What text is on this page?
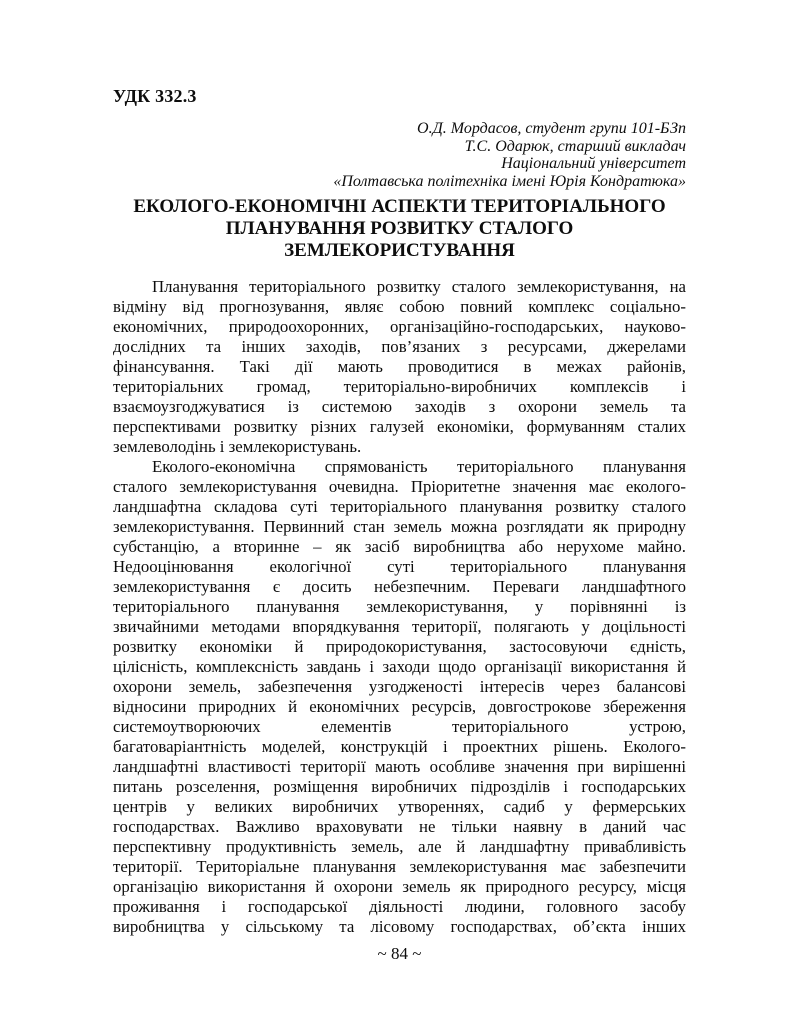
УДК 332.3
О.Д. Мордасов, студент групи 101-БЗп
Т.С. Одарюк, старший викладач
Національний університет
«Полтавська політехніка імені Юрія Кондратюка»
ЕКОЛОГО-ЕКОНОМІЧНІ АСПЕКТИ ТЕРИТОРІАЛЬНОГО
ПЛАНУВАННЯ РОЗВИТКУ СТАЛОГО
ЗЕМЛЕКОРИСТУВАННЯ
Планування територіального розвитку сталого землекористування, на
відміну від прогнозування, являє собою повний комплекс соціально-
економічних, природоохоронних, організаційно-господарських, науково-
дослідних та інших заходів, пов’язаних з ресурсами, джерелами
фінансування. Такі дії мають проводитися в межах районів,
територіальних громад, територіально-виробничих комплексів і
взаємоузгоджуватися із системою заходів з охорони земель та
перспективами розвитку різних галузей економіки, формуванням сталих
землеволодінь і землекористувань.
Еколого-економічна спрямованість територіального планування
сталого землекористування очевидна. Пріоритетне значення має еколого-
ландшафтна складова суті територіального планування розвитку сталого
землекористування. Первинний стан земель можна розглядати як природну
субстанцію, а вторинне – як засіб виробництва або нерухоме майно.
Недооцінювання екологічної суті територіального планування
землекористування є досить небезпечним. Переваги ландшафтного
територіального планування землекористування, у порівнянні із
звичайними методами впорядкування території, полягають у доцільності
розвитку економіки й природокористування, застосовуючи єдність,
цілісність, комплексність завдань і заходи щодо організації використання й
охорони земель, забезпечення узгодженості інтересів через балансові
відносини природних й економічних ресурсів, довгострокове збереження
системоутворюючих елементів територіального устрою,
багатоваріантність моделей, конструкцій і проектних рішень. Еколого-
ландшафтні властивості території мають особливе значення при вирішенні
питань розселення, розміщення виробничих підрозділів і господарських
центрів у великих виробничих утвореннях, садиб у фермерських
господарствах. Важливо враховувати не тільки наявну в даний час
перспективну продуктивність земель, але й ландшафтну привабливість
території. Територіальне планування землекористування має забезпечити
організацію використання й охорони земель як природного ресурсу, місця
проживання і господарської діяльності людини, головного засобу
виробництва у сільському та лісовому господарствах, об’єкта інших
~ 84 ~
